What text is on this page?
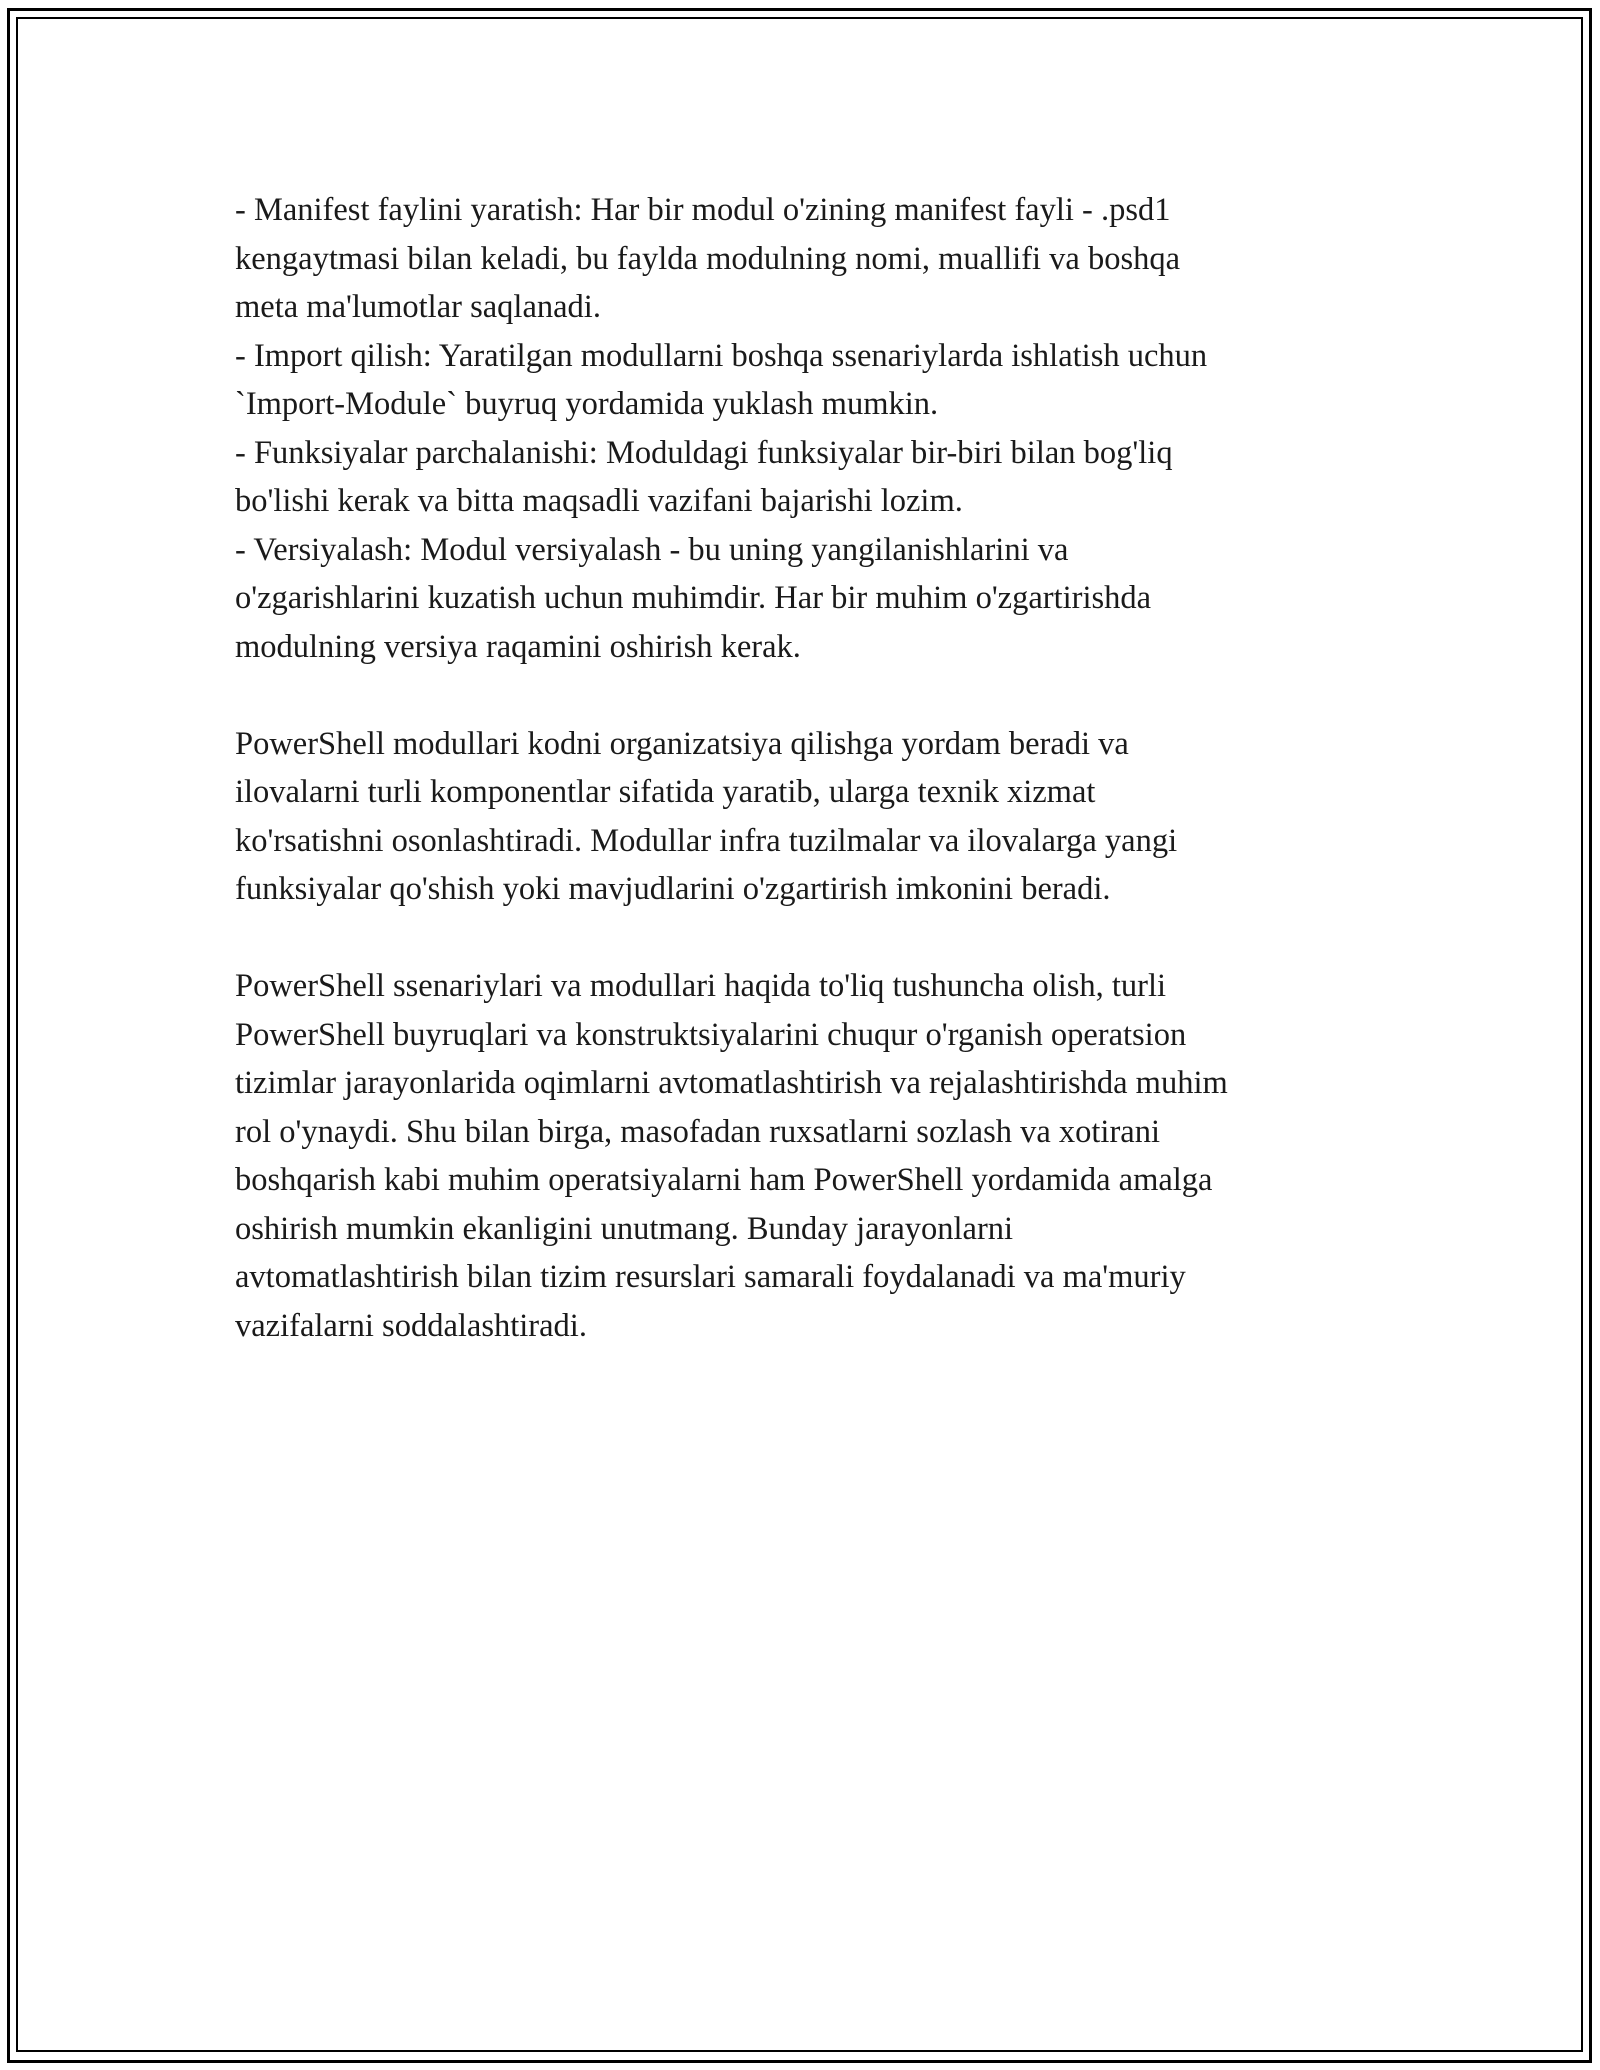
- Manifest faylini yaratish: Har bir modul o'zining manifest fayli - .psd1
kengaytmasi bilan keladi, bu faylda modulning nomi, muallifi va boshqa
meta ma'lumotlar saqlanadi.
- Import qilish: Yaratilgan modullarni boshqa ssenariylarda ishlatish uchun
`Import-Module` buyruq yordamida yuklash mumkin.
- Funksiyalar parchalanishi: Moduldagi funksiyalar bir-biri bilan bog'liq
bo'lishi kerak va bitta maqsadli vazifani bajarishi lozim.
- Versiyalash: Modul versiyalash - bu uning yangilanishlarini va
o'zgarishlarini kuzatish uchun muhimdir. Har bir muhim o'zgartirishda
modulning versiya raqamini oshirish kerak.
PowerShell modullari kodni organizatsiya qilishga yordam beradi va
ilovalarni turli komponentlar sifatida yaratib, ularga texnik xizmat
ko'rsatishni osonlashtiradi. Modullar infra tuzilmalar va ilovalarga yangi
funksiyalar qo'shish yoki mavjudlarini o'zgartirish imkonini beradi.
PowerShell ssenariylari va modullari haqida to'liq tushuncha olish, turli
PowerShell buyruqlari va konstruktsiyalarini chuqur o'rganish operatsion
tizimlar jarayonlarida oqimlarni avtomatlashtirish va rejalashtirishda muhim
rol o'ynaydi. Shu bilan birga, masofadan ruxsatlarni sozlash va xotirani
boshqarish kabi muhim operatsiyalarni ham PowerShell yordamida amalga
oshirish mumkin ekanligini unutmang. Bunday jarayonlarni
avtomatlashtirish bilan tizim resurslari samarali foydalanadi va ma'muriy
vazifalarni soddalashtiradi.
